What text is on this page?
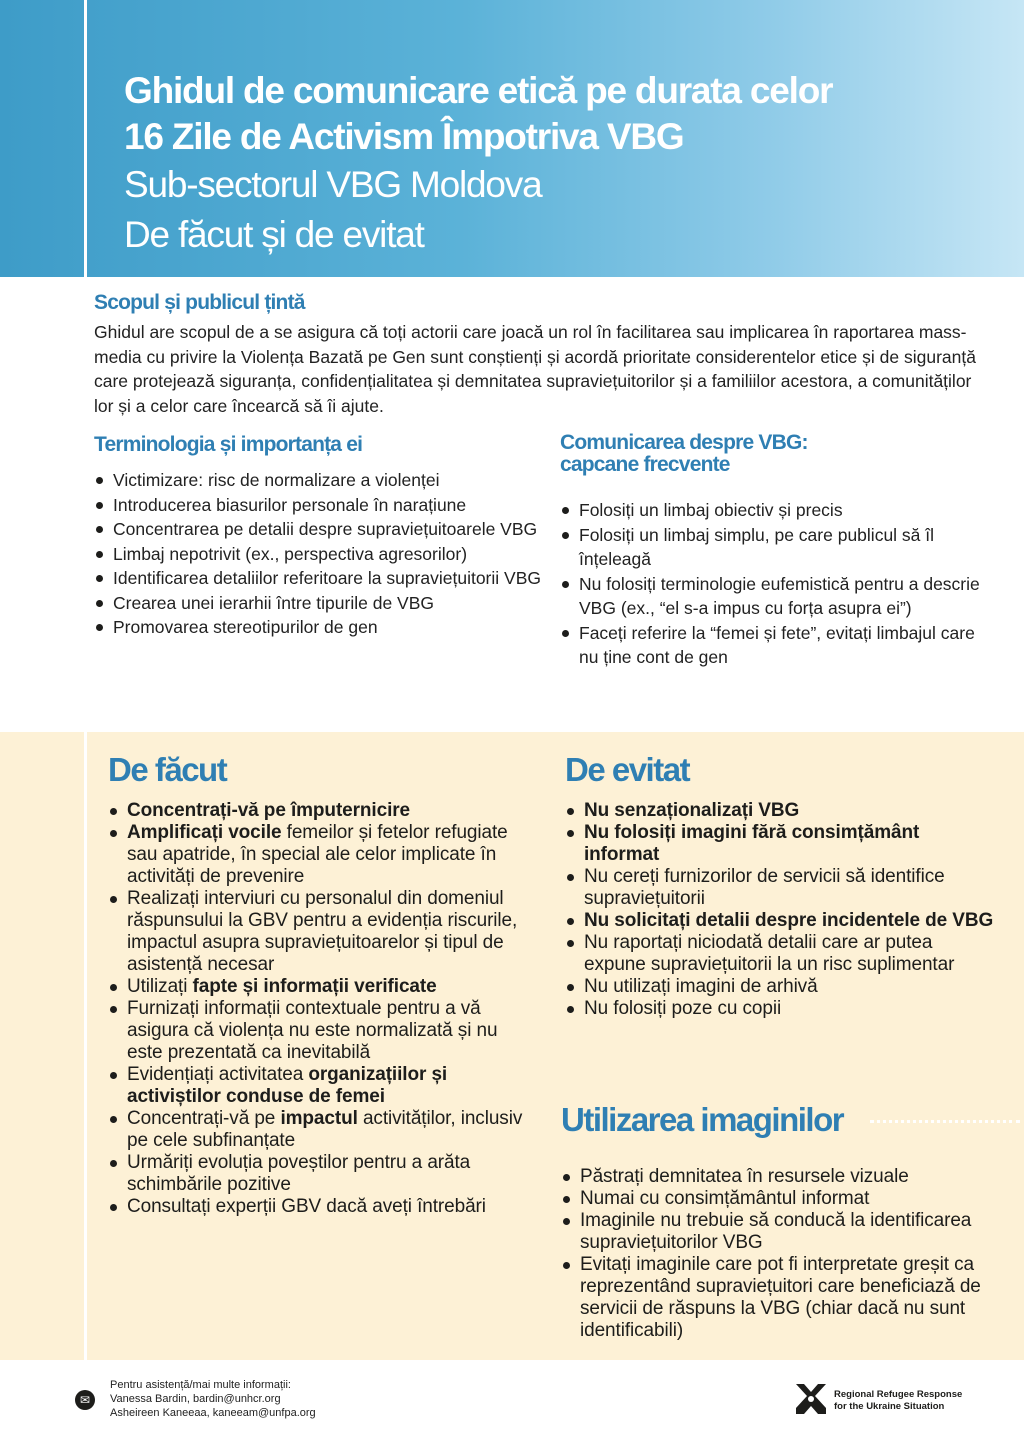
Ghidul de comunicare etică pe durata celor
16 Zile de Activism Împotriva VBG
Sub-sectorul VBG Moldova
De făcut și de evitat
Scopul și publicul țintă

Ghidul are scopul de a se asigura că toți actorii care joacă un rol în facilitarea sau implicarea în raportarea mass-media cu privire la Violența Bazată pe Gen sunt conștienți și acordă prioritate considerentelor etice și de siguranță care protejează siguranța, confidențialitatea și demnitatea supraviețuitorilor și a familiilor acestora, a comunităților lor și a celor care încearcă să îi ajute.

Terminologia și importanța ei
Victimizare: risc de normalizare a violenței
Introducerea biasurilor personale în narațiune
Concentrarea pe detalii despre supraviețuitoarele VBG
Limbaj nepotrivit (ex., perspectiva agresorilor)
Identificarea detaliilor referitoare la supraviețuitorii VBG
Crearea unei ierarhii între tipurile de VBG
Promovarea stereotipurilor de gen
Comunicarea despre VBG:
capcane frecvente
Folosiți un limbaj obiectiv și precis
Folosiți un limbaj simplu, pe care publicul să îl înțeleagă
Nu folosiți terminologie eufemistică pentru a descrie VBG (ex., “el s-a impus cu forța asupra ei”)
Faceți referire la “femei și fete”, evitați limbajul care nu ține cont de gen
De făcut
Concentrați-vă pe împuternicire
Amplificați vocile femeilor și fetelor refugiate sau apatride, în special ale celor implicate în activități de prevenire
Realizați interviuri cu personalul din domeniul răspunsului la GBV pentru a evidenția riscurile, impactul asupra supraviețuitoarelor și tipul de asistență necesar
Utilizați fapte și informații verificate
Furnizați informații contextuale pentru a vă asigura că violența nu este normalizată și nu este prezentată ca inevitabilă
Evidențiați activitatea organizațiilor și activiștilor conduse de femei
Concentrați-vă pe impactul activităților, inclusiv pe cele subfinanțate
Urmăriți evoluția poveștilor pentru a arăta schimbările pozitive
Consultați experții GBV dacă aveți întrebări
De evitat
Nu senzaționalizați VBG
Nu folosiți imagini fără consimțământ informat
Nu cereți furnizorilor de servicii să identifice supraviețuitorii
Nu solicitați detalii despre incidentele de VBG
Nu raportați niciodată detalii care ar putea expune supraviețuitorii la un risc suplimentar
Nu utilizați imagini de arhivă
Nu folosiți poze cu copii
Utilizarea imaginilor
Păstrați demnitatea în resursele vizuale
Numai cu consimțământul informat
Imaginile nu trebuie să conducă la identificarea supraviețuitorilor VBG
Evitați imaginile care pot fi interpretate greșit ca reprezentând supraviețuitori care beneficiază de servicii de răspuns la VBG (chiar dacă nu sunt identificabili)
✉
Pentru asistență/mai multe informații:
Vanessa Bardin, bardin@unhcr.org
Asheireen Kaneeaa, kaneeam@unfpa.org
Regional Refugee Response
for the Ukraine Situation
